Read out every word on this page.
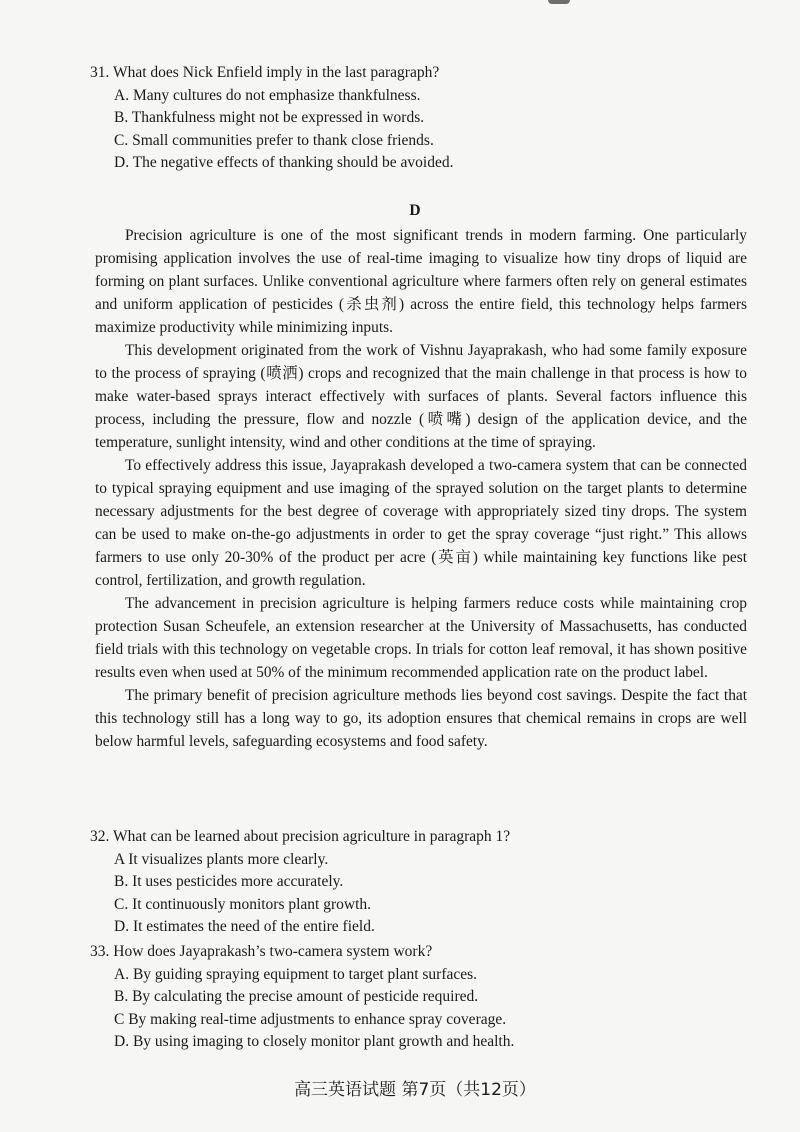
31. What does Nick Enfield imply in the last paragraph?

A. Many cultures do not emphasize thankfulness.

B. Thankfulness might not be expressed in words.

C. Small communities prefer to thank close friends.

D. The negative effects of thanking should be avoided.

D

Precision agriculture is one of the most significant trends in modern farming. One particularly promising application involves the use of real-time imaging to visualize how tiny drops of liquid are forming on plant surfaces. Unlike conventional agriculture where farmers often rely on general estimates and uniform application of pesticides (杀虫剂) across the entire field, this technology helps farmers maximize productivity while minimizing inputs.

This development originated from the work of Vishnu Jayaprakash, who had some family exposure to the process of spraying (喷洒) crops and recognized that the main challenge in that process is how to make water-based sprays interact effectively with surfaces of plants. Several factors influence this process, including the pressure, flow and nozzle (喷嘴) design of the application device, and the temperature, sunlight intensity, wind and other conditions at the time of spraying.

To effectively address this issue, Jayaprakash developed a two-camera system that can be connected to typical spraying equipment and use imaging of the sprayed solution on the target plants to determine necessary adjustments for the best degree of coverage with appropriately sized tiny drops. The system can be used to make on-the-go adjustments in order to get the spray coverage “just right.” This allows farmers to use only 20-30% of the product per acre (英亩) while maintaining key functions like pest control, fertilization, and growth regulation.

The advancement in precision agriculture is helping farmers reduce costs while maintaining crop protection Susan Scheufele, an extension researcher at the University of Massachusetts, has conducted field trials with this technology on vegetable crops. In trials for cotton leaf removal, it has shown positive results even when used at 50% of the minimum recommended application rate on the product label.

The primary benefit of precision agriculture methods lies beyond cost savings. Despite the fact that this technology still has a long way to go, its adoption ensures that chemical remains in crops are well below harmful levels, safeguarding ecosystems and food safety.

32. What can be learned about precision agriculture in paragraph 1?

A It visualizes plants more clearly.

B. It uses pesticides more accurately.

C. It continuously monitors plant growth.

D. It estimates the need of the entire field.

33. How does Jayaprakash’s two-camera system work?

A. By guiding spraying equipment to target plant surfaces.

B. By calculating the precise amount of pesticide required.

C By making real-time adjustments to enhance spray coverage.

D. By using imaging to closely monitor plant growth and health.

高三英语试题 第7页（共12页）
